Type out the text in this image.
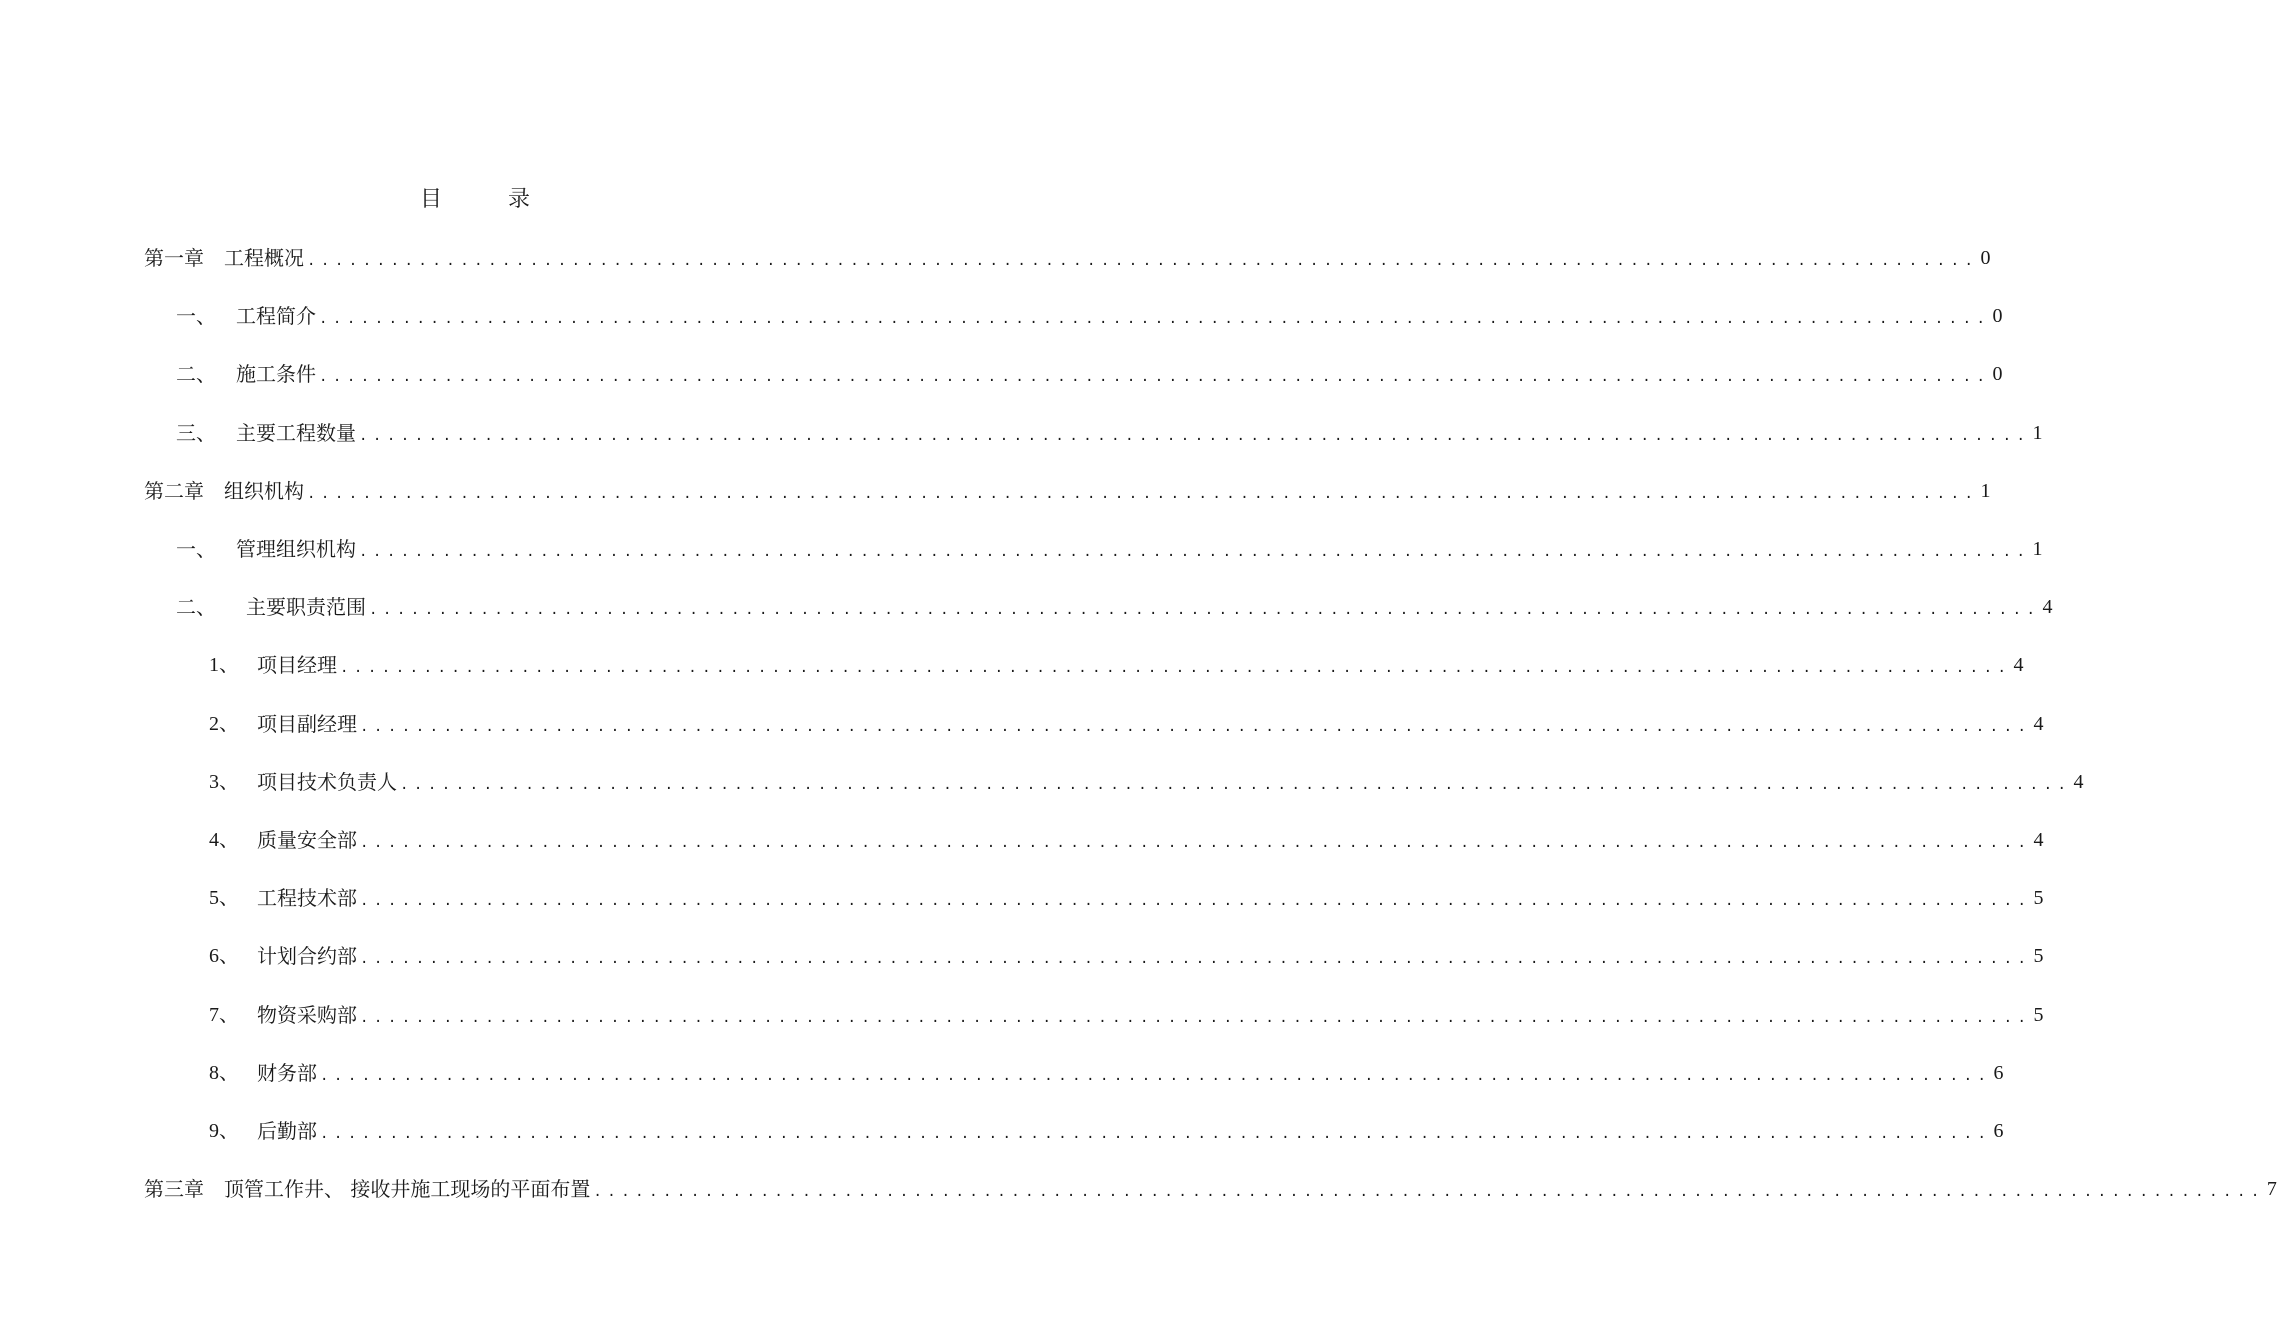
目　录
第一章	工程概况 ........................................................................................................................ 0
一、	工程简介 ........................................................................................................................ 0
二、	施工条件 ........................................................................................................................ 0
三、	主要工程数量 ........................................................................................................................ 1
第二章	组织机构 ........................................................................................................................ 1
一、	管理组织机构 ........................................................................................................................ 1
二、	主要职责范围 ........................................................................................................................ 4
1、 项目经理 ........................................................................................................................ 4
2、 项目副经理 ........................................................................................................................ 4
3、 项目技术负责人 ........................................................................................................................ 4
4、 质量安全部 ........................................................................................................................ 4
5、 工程技术部 ........................................................................................................................ 5
6、 计划合约部 ........................................................................................................................ 5
7、 物资采购部 ........................................................................................................................ 5
8、 财务部 ........................................................................................................................ 6
9、 后勤部 ........................................................................................................................ 6
第三章	顶管工作井、 接收井施工现场的平面布置 ........................................................................................................................ 7
